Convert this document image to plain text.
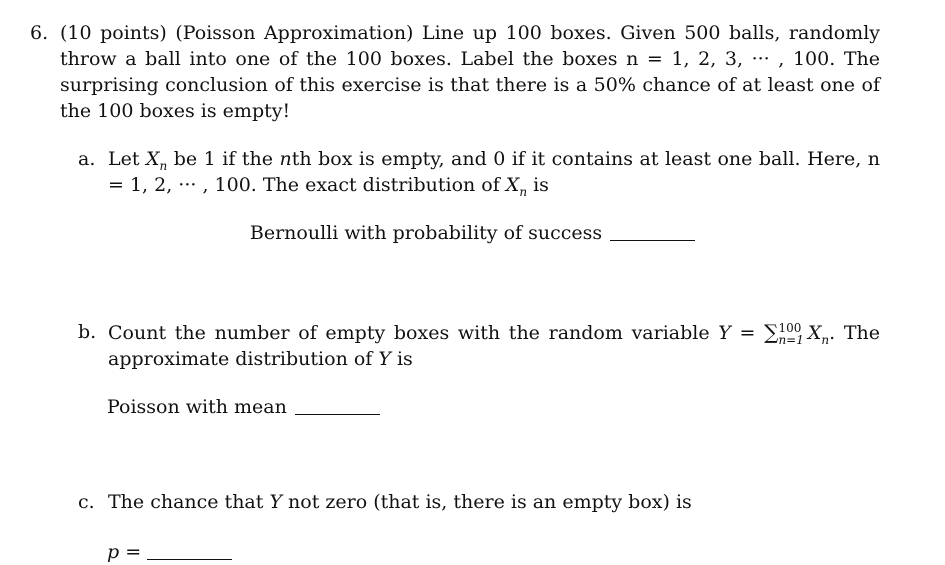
6. (10 points) (Poisson Approximation) Line up 100 boxes. Given 500 balls, randomly throw a ball into one of the 100 boxes. Label the boxes n = 1, 2, 3, ··· , 100. The surprising conclusion of this exercise is that there is a 50% chance of at least one of the 100 boxes is empty!
a. Let $X_n$ be 1 if the nth box is empty, and 0 if it contains at least one ball. Here, n = 1, 2, ··· , 100. The exact distribution of $X_n$ is
Bernoulli with probability of success
b. Count the number of empty boxes with the random variable Y = ∑ 100
n=1 $X_n$. The approximate distribution of Y is
Poisson with mean
c. The chance that Y not zero (that is, there is an empty box) is
p =
